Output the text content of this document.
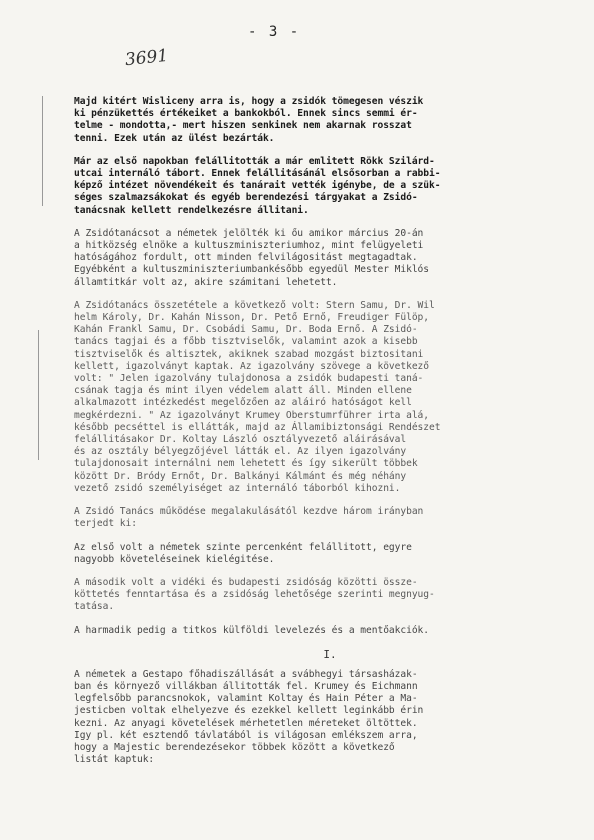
- 3 -
3691

Majd kitért Wisliceny arra is, hogy a zsidók tömegesen vészik
ki pénzükettés értékeiket a bankokból. Ennek sincs semmi ér-
telme - mondotta,- mert hiszen senkinek nem akarnak rosszat
tenni. Ezek után az ülést bezárták.

Már az első napokban felállitották a már emlitett Rökk Szilárd-
utcai internáló tábort. Ennek felállitásánál elsősorban a rabbi-
képző intézet növendékeit és tanárait vették igénybe, de a szük-
séges szalmazsákokat és egyéb berendezési tárgyakat a Zsidó-
tanácsnak kellett rendelkezésre állitani.

A Zsidótanácsot a németek jelölték ki őu amikor március 20-án
a hitközség elnöke a kultuszminiszteriumhoz, mint felügyeleti
hatóságához fordult, ott minden felvilágositást megtagadtak.
Egyébként a kultuszminiszteriumbankésőbb egyedül Mester Miklós
államtitkár volt az, akire számitani lehetett.

A Zsidótanács összetétele a következő volt: Stern Samu, Dr. Wil
helm Károly, Dr. Kahán Nisson, Dr. Pető Ernő, Freudiger Fülöp,
Kahán Frankl Samu, Dr. Csobádi Samu, Dr. Boda Ernő. A Zsidó-
tanács tagjai és a főbb tisztviselők, valamint azok a kisebb
tisztviselők és altisztek, akiknek szabad mozgást biztositani
kellett, igazolványt kaptak. Az igazolvány szövege a következő
volt: " Jelen igazolvány tulajdonosa a zsidók budapesti taná-
csának tagja és mint ilyen védelem alatt áll. Minden ellene
alkalmazott intézkedést megelőzően az aláiró hatóságot kell
megkérdezni. " Az igazolványt Krumey Oberstumrführer irta alá,
később pecséttel is ellátták, majd az Államibiztonsági Rendészet
felállitásakor Dr. Koltay László osztályvezető aláirásával
és az osztály bélyegzőjével látták el. Az ilyen igazolvány
tulajdonosait internálni nem lehetett és így sikerült többek
között Dr. Bródy Ernőt, Dr. Balkányi Kálmánt és még néhány
vezető zsidó személyiséget az internáló táborból kihozni.

A Zsidó Tanács működése megalakulásától kezdve három irányban
terjedt ki:

Az első volt a németek szinte percenként felállitott, egyre
nagyobb követeléseinek kielégitése.

A második volt a vidéki és budapesti zsidóság közötti össze-
köttetés fenntartása és a zsidóság lehetősége szerinti megnyug-
tatása.

A harmadik pedig a titkos külföldi levelezés és a mentőakciók.

I.

A németek a Gestapo főhadiszállását a svábhegyi társasházak-
ban és környező villákban állitották fel. Krumey és Eichmann
legfelsőbb parancsnokok, valamint Koltay és Hain Péter a Ma-
jesticben voltak elhelyezve és ezekkel kellett leginkább érin
kezni. Az anyagi követelések mérhetetlen méreteket öltöttek.
Igy pl. két esztendő távlatából is világosan emlékszem arra,
hogy a Majestic berendezésekor többek között a következő
listát kaptuk:
